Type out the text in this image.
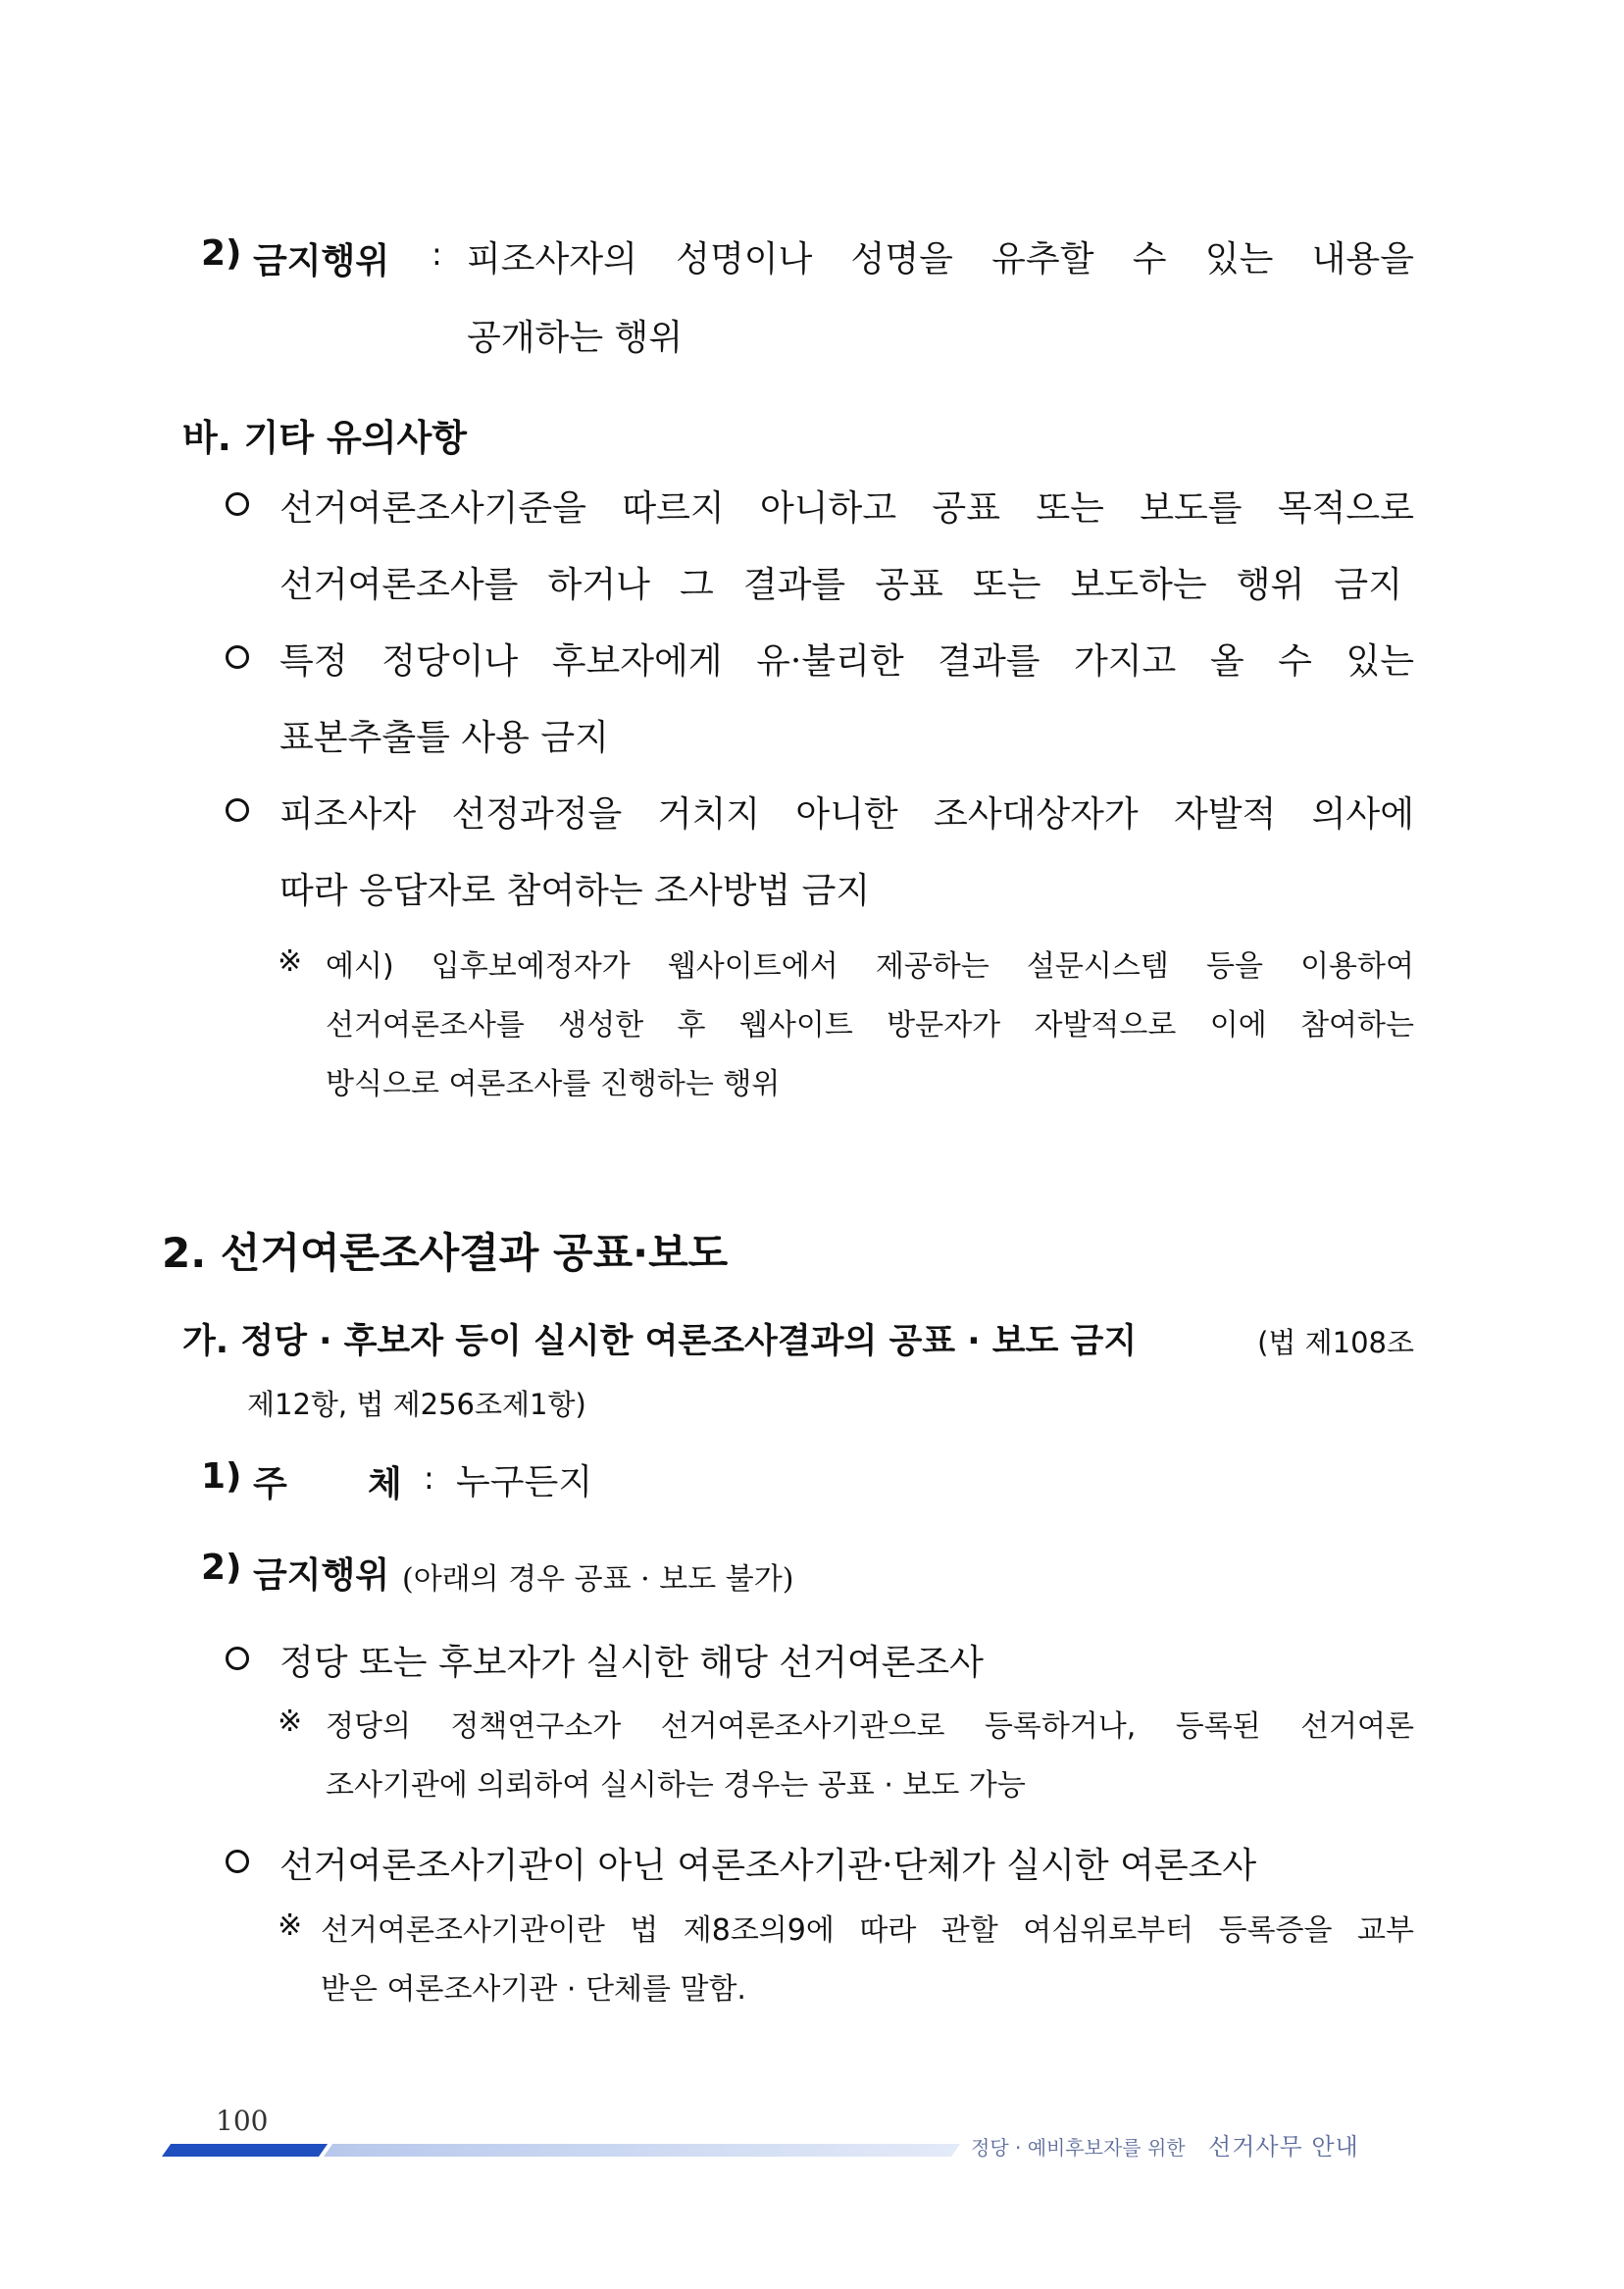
2) 금지행위 : 피조사자의 성명이나 성명을 유추할 수 있는 내용을
공개하는 행위
바. 기타 유의사항
선거여론조사기준을 따르지 아니하고 공표 또는 보도를 목적으로
선거여론조사를 하거나 그 결과를 공표 또는 보도하는 행위 금지
특정 정당이나 후보자에게 유·불리한 결과를 가지고 올 수 있는
표본추출틀 사용 금지
피조사자 선정과정을 거치지 아니한 조사대상자가 자발적 의사에
따라 응답자로 참여하는 조사방법 금지
※ 예시) 입후보예정자가 웹사이트에서 제공하는 설문시스템 등을 이용하여
선거여론조사를 생성한 후 웹사이트 방문자가 자발적으로 이에 참여하는
방식으로 여론조사를 진행하는 행위
2. 선거여론조사결과 공표·보도
가. 정당 · 후보자 등이 실시한 여론조사결과의 공표 · 보도 금지	(법 제108조
제12항, 법 제256조제1항)
1) 주 체 : 누구든지
2) 금지행위 (아래의 경우 공표 · 보도 불가)
정당 또는 후보자가 실시한 해당 선거여론조사
※ 정당의 정책연구소가 선거여론조사기관으로 등록하거나, 등록된 선거여론
조사기관에 의뢰하여 실시하는 경우는 공표 · 보도 가능
선거여론조사기관이 아닌 여론조사기관·단체가 실시한 여론조사
※ 선거여론조사기관이란 법 제8조의9에 따라 관할 여심위로부터 등록증을 교부
받은 여론조사기관 · 단체를 말함.
100
정당 · 예비후보자를 위한 선거사무 안내
